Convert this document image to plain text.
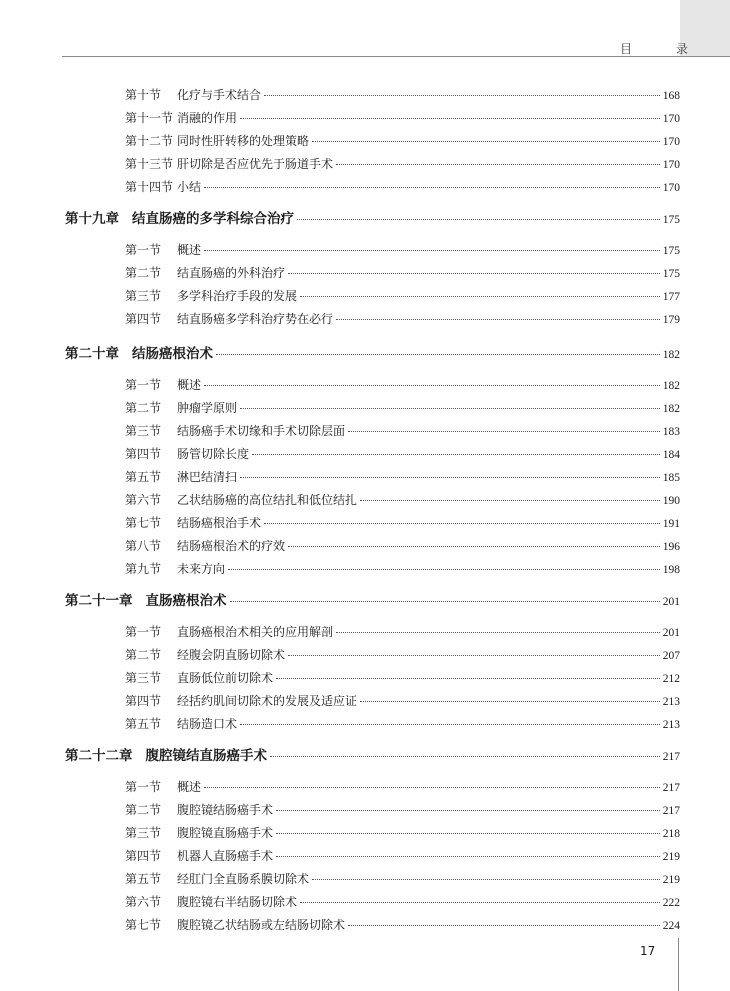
目 录
第十节	化疗与手术结合	168
第十一节 消融的作用	170
第十二节 同时性肝转移的处理策略	170
第十三节 肝切除是否应优先于肠道手术	170
第十四节 小结	170
第十九章 结直肠癌的多学科综合治疗	175
第一节	概述	175
第二节	结直肠癌的外科治疗	175
第三节	多学科治疗手段的发展	177
第四节	结直肠癌多学科治疗势在必行	179
第二十章 结肠癌根治术	182
第一节	概述	182
第二节	肿瘤学原则	182
第三节	结肠癌手术切缘和手术切除层面	183
第四节	肠管切除长度	184
第五节	淋巴结清扫	185
第六节	乙状结肠癌的高位结扎和低位结扎	190
第七节	结肠癌根治手术	191
第八节	结肠癌根治术的疗效	196
第九节	未来方向	198
第二十一章 直肠癌根治术	201
第一节	直肠癌根治术相关的应用解剖	201
第二节	经腹会阴直肠切除术	207
第三节	直肠低位前切除术	212
第四节	经括约肌间切除术的发展及适应证	213
第五节	结肠造口术	213
第二十二章 腹腔镜结直肠癌手术	217
第一节	概述	217
第二节	腹腔镜结肠癌手术	217
第三节	腹腔镜直肠癌手术	218
第四节	机器人直肠癌手术	219
第五节	经肛门全直肠系膜切除术	219
第六节	腹腔镜右半结肠切除术	222
第七节	腹腔镜乙状结肠或左结肠切除术	224
17
